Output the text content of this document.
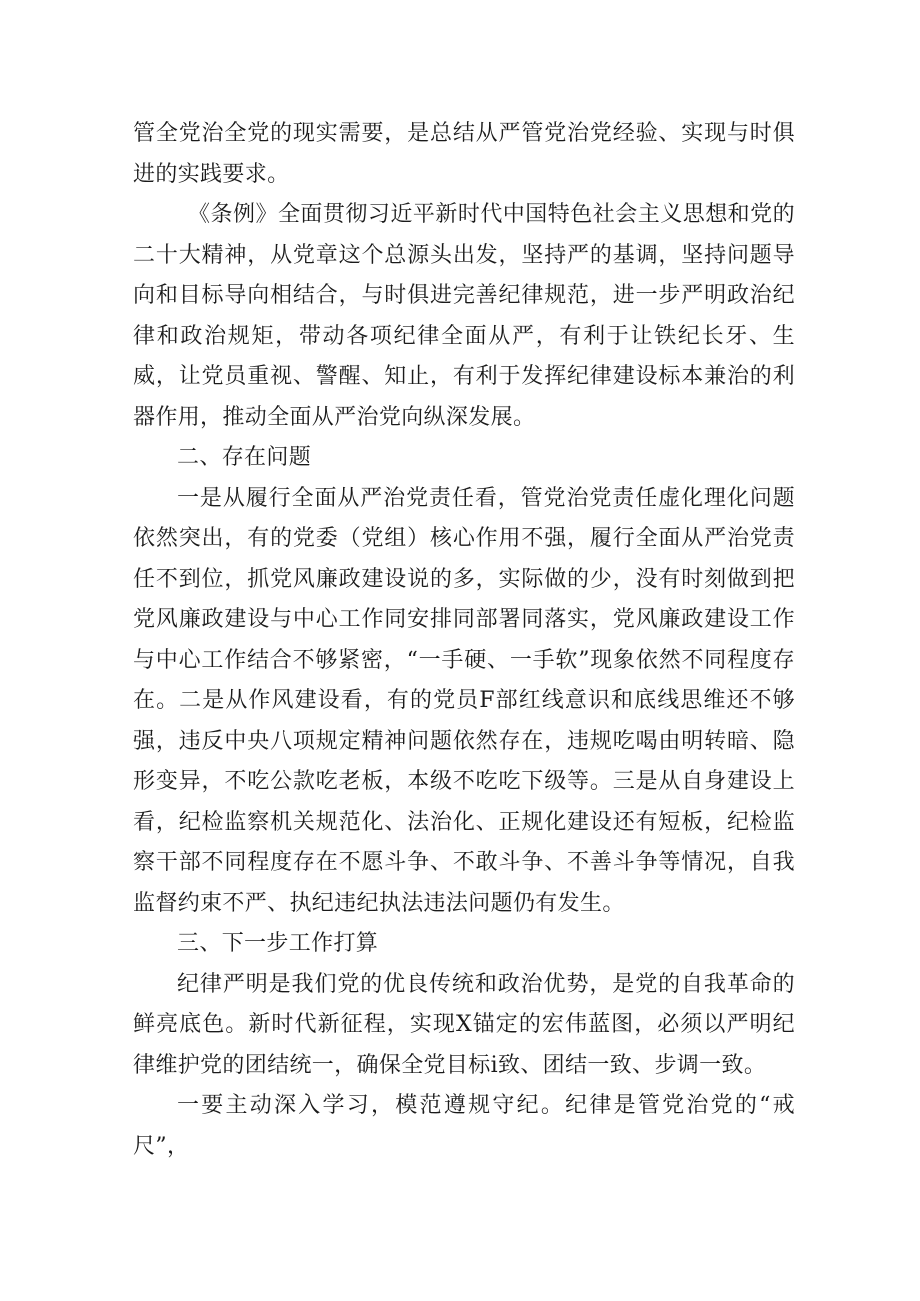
管全党治全党的现实需要，是总结从严管党治党经验、实现与时俱进的实践要求。

《条例》全面贯彻习近平新时代中国特色社会主义思想和党的二十大精神，从党章这个总源头出发，坚持严的基调，坚持问题导向和目标导向相结合，与时俱进完善纪律规范，进一步严明政治纪律和政治规矩，带动各项纪律全面从严，有利于让铁纪长牙、生威，让党员重视、警醒、知止，有利于发挥纪律建设标本兼治的利器作用，推动全面从严治党向纵深发展。

二、存在问题

一是从履行全面从严治党责任看，管党治党责任虚化理化问题依然突出，有的党委（党组）核心作用不强，履行全面从严治党责任不到位，抓党风廉政建设说的多，实际做的少，没有时刻做到把党风廉政建设与中心工作同安排同部署同落实，党风廉政建设工作与中心工作结合不够紧密，“一手硬、一手软”现象依然不同程度存在。二是从作风建设看，有的党员F部红线意识和底线思维还不够强，违反中央八项规定精神问题依然存在，违规吃喝由明转暗、隐形变异，不吃公款吃老板，本级不吃吃下级等。三是从自身建设上看，纪检监察机关规范化、法治化、正规化建设还有短板，纪检监察干部不同程度存在不愿斗争、不敢斗争、不善斗争等情况，自我监督约束不严、执纪违纪执法违法问题仍有发生。

三、下一步工作打算

纪律严明是我们党的优良传统和政治优势，是党的自我革命的鲜亮底色。新时代新征程，实现X锚定的宏伟蓝图，必须以严明纪律维护党的团结统一，确保全党目标i致、团结一致、步调一致。

一要主动深入学习，模范遵规守纪。纪律是管党治党的“戒尺”，
